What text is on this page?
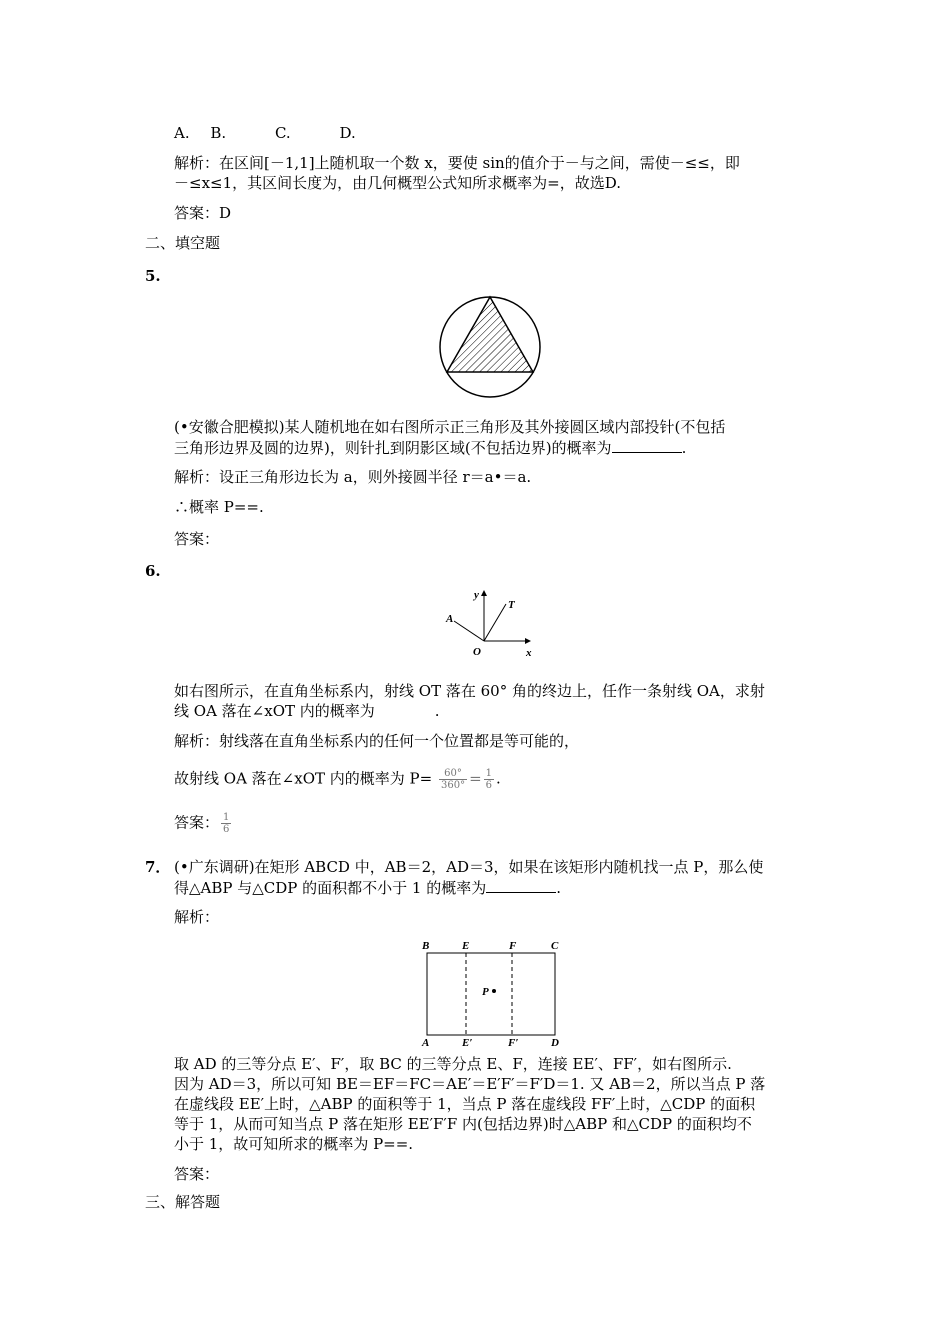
A. B.	C.	D.
解析：在区间[－1,1]上随机取一个数 x，要使 sin的值介于－与之间，需使－≤≤，即
－≤x≤1，其区间长度为，由几何概型公式知所求概率为=，故选D.
答案：D
二、填空题
5.
(•安徽合肥模拟)某人随机地在如右图所示正三角形及其外接圆区域内部投针(不包括
三角形边界及圆的边界)，则针扎到阴影区域(不包括边界)的概率为	.
解析：设正三角形边长为 a，则外接圆半径 r＝a•＝a.
∴概率 P==.
答案：
6.
y
T
A
O	x
如右图所示，在直角坐标系内，射线 OT 落在 60° 角的终边上，任作一条射线 OA，求射
线 OA 落在∠xOT 内的概率为	.
解析：射线落在直角坐标系内的任何一个位置都是等可能的，
故射线 OA 落在∠xOT 内的概率为 $P= \frac{60^\circ}{360^\circ} = \frac{1}{6}$ .
答案： $\frac{1}{6}$
7． (•广东调研)在矩形 ABCD 中，AB＝2，AD＝3，如果在该矩形内随机找一点 P，那么使
得△ABP 与△CDP 的面积都不小于 1 的概率为	.
解析：
B	E	F	C
P
A	E′	F′	D
取 AD 的三等分点 E′、F′，取 BC 的三等分点 E、F，连接 EE′、FF′，如右图所示.
因为 AD＝3，所以可知 BE＝EF＝FC＝AE′＝E′F′＝F′D＝1. 又 AB＝2，所以当点 P 落
在虚线段 EE′上时，△ABP 的面积等于 1，当点 P 落在虚线段 FF′上时，△CDP 的面积
等于 1，从而可知当点 P 落在矩形 EE′F′F 内(包括边界)时△ABP 和△CDP 的面积均不
小于 1，故可知所求的概率为 P==.
答案：
三、解答题
